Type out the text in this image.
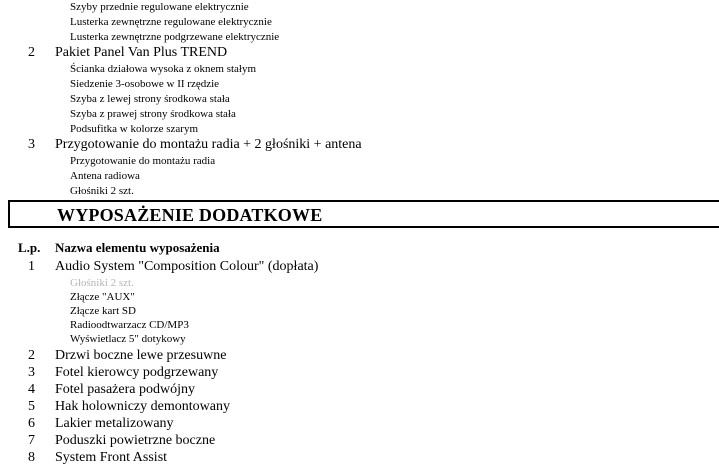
Szyby przednie regulowane elektrycznie
Lusterka zewnętrzne regulowane elektrycznie
Lusterka zewnętrzne podgrzewane elektrycznie
2 Pakiet Panel Van Plus TREND
Ścianka działowa wysoka z oknem stałym
Siedzenie 3-osobowe w II rzędzie
Szyba z lewej strony środkowa stała
Szyba z prawej strony środkowa stała
Podsufitka w kolorze szarym
3 Przygotowanie do montażu radia + 2 głośniki + antena
Przygotowanie do montażu radia
Antena radiowa
Głośniki 2 szt.
WYPOSAŻENIE DODATKOWE
L.p. Nazwa elementu wyposażenia
1 Audio System "Composition Colour" (dopłata)
Głośniki 2 szt.
Złącze "AUX"
Złącze kart SD
Radioodtwarzacz CD/MP3
Wyświetlacz 5" dotykowy
2 Drzwi boczne lewe przesuwne
3 Fotel kierowcy podgrzewany
4 Fotel pasażera podwójny
5 Hak holowniczy demontowany
6 Lakier metalizowany
7 Poduszki powietrzne boczne
8 System Front Assist
